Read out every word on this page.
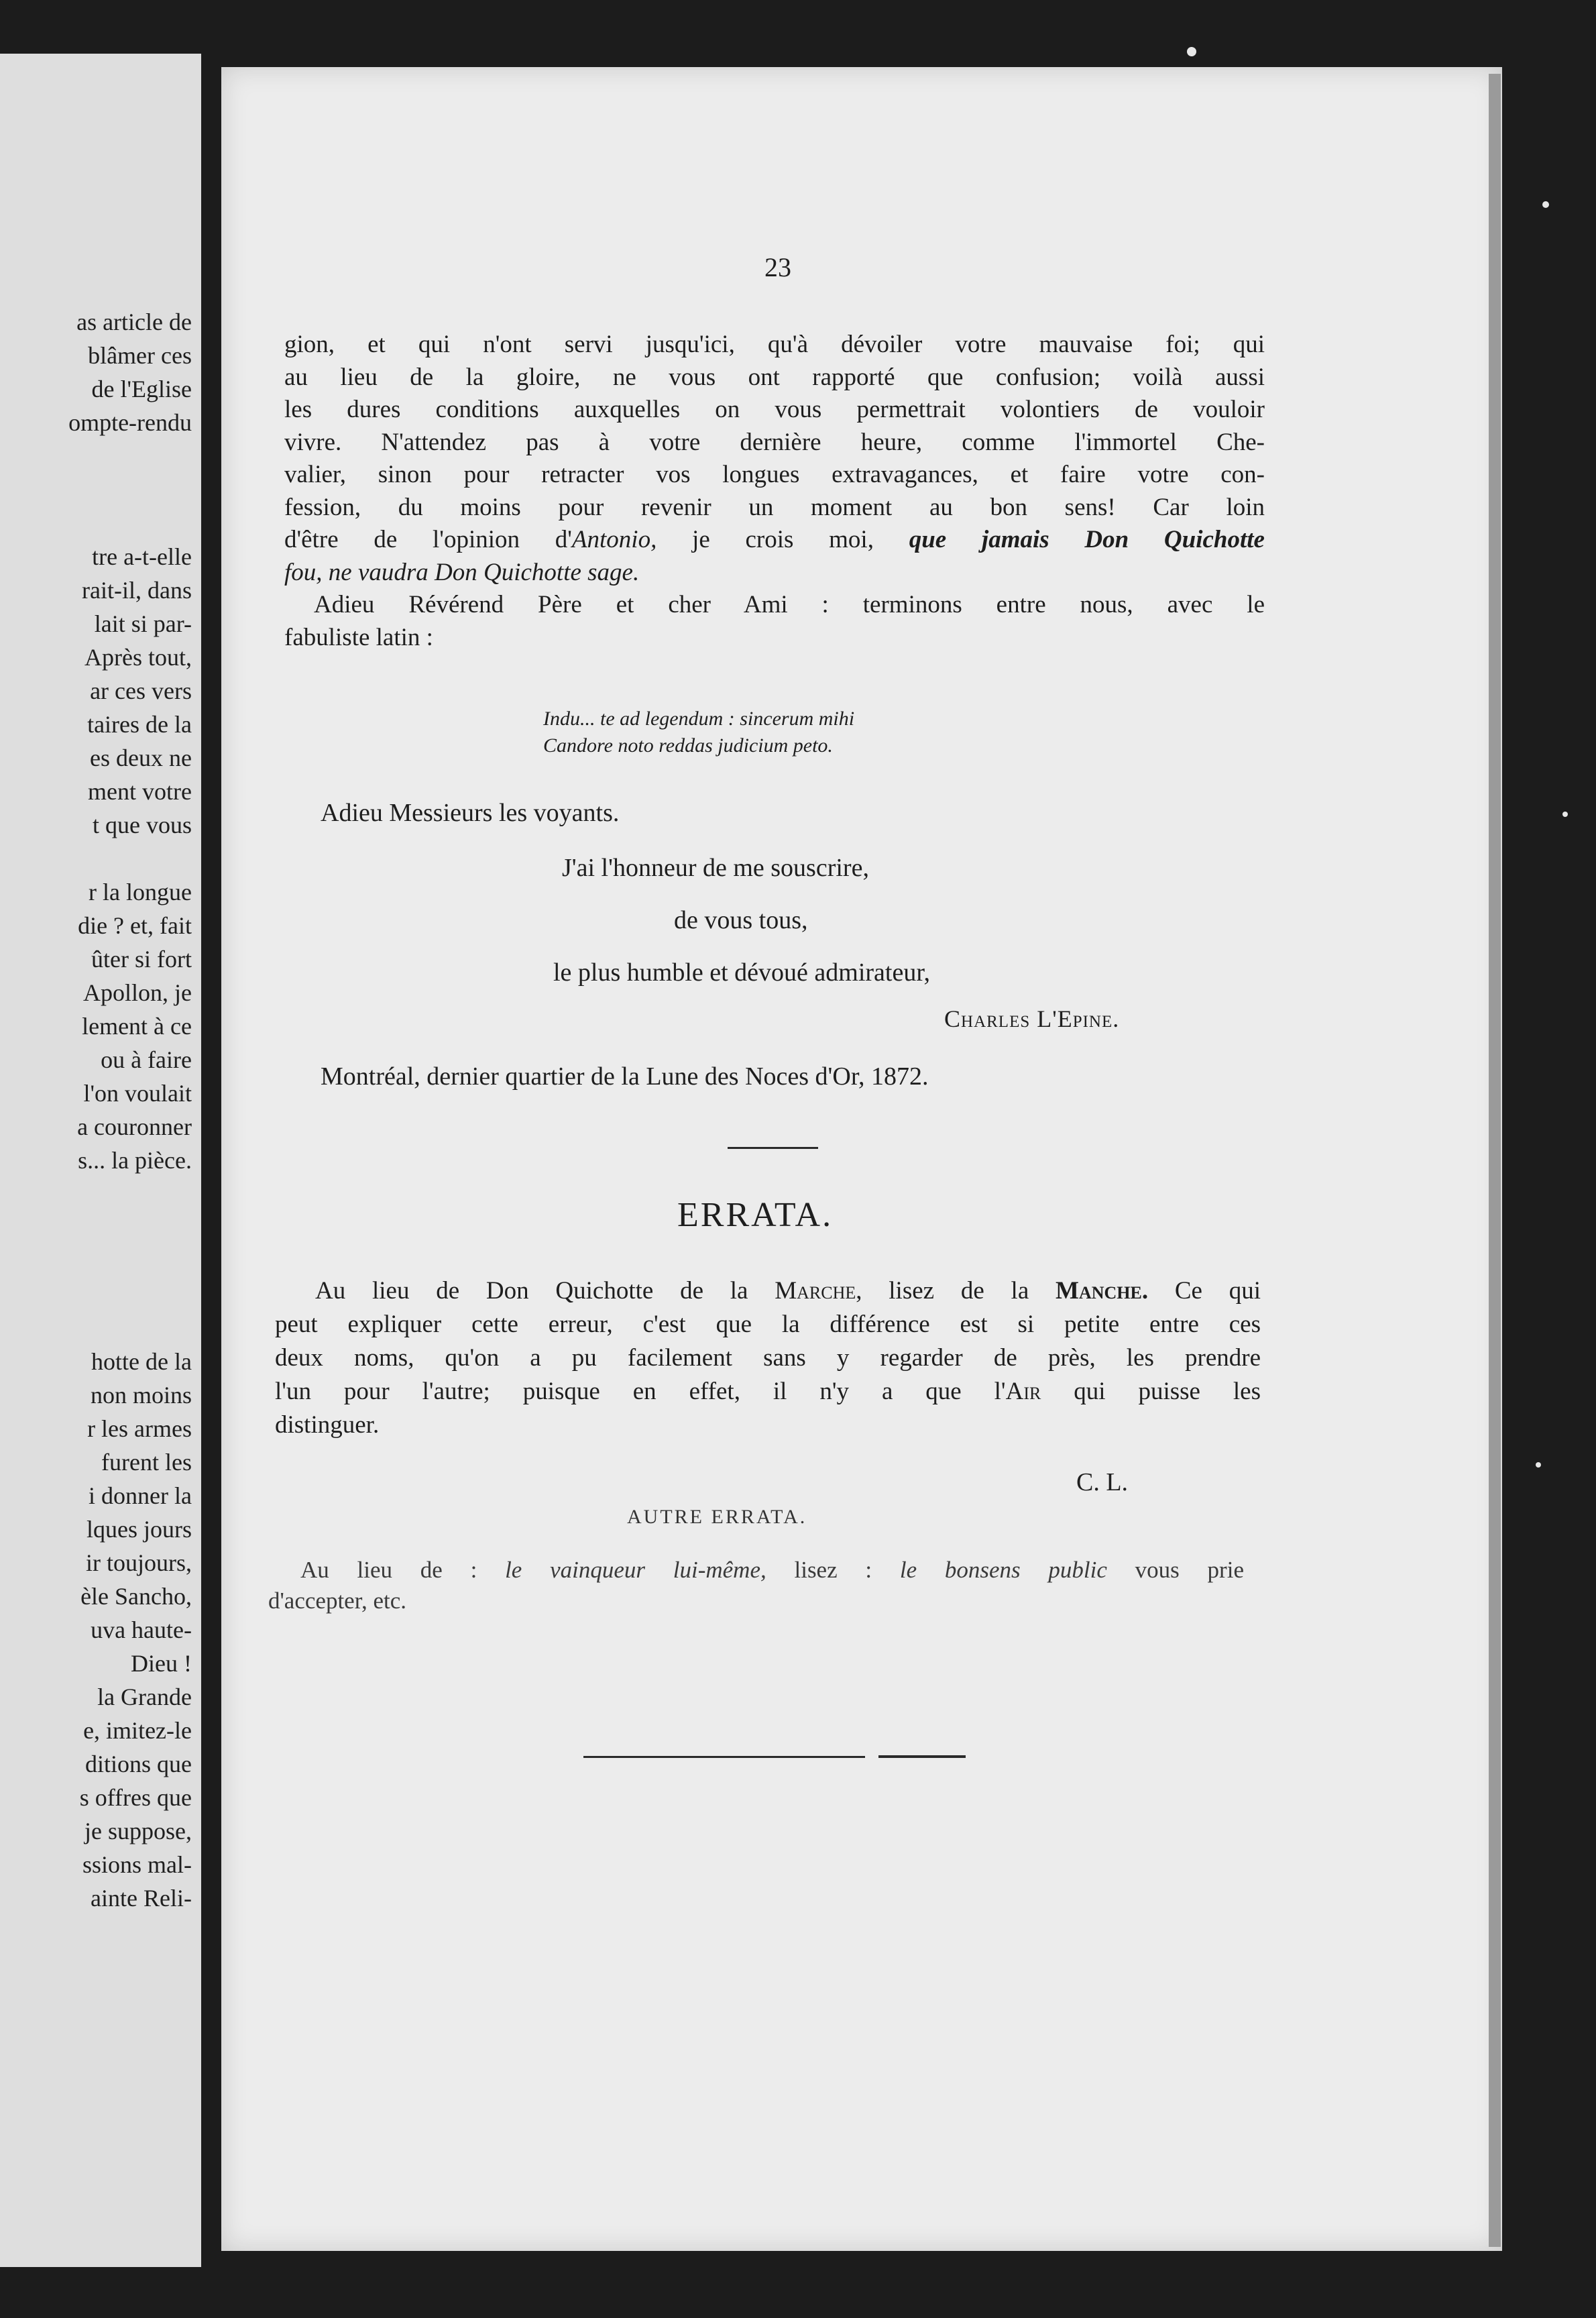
as article de
blâmer ces
de l'Eglise
ompte-rendu
tre a-t-elle
rait-il, dans
lait si par-
Après tout,
ar ces vers
taires de la
es deux ne
ment votre
t que vous
r la longue
die ? et, fait
ûter si fort
Apollon, je
lement à ce
ou à faire
l'on voulait
a couronner
s... la pièce.
hotte de la
non moins
r les armes
furent les
i donner la
lques jours
ir toujours,
èle Sancho,
uva haute-
Dieu !
la Grande
e, imitez-le
ditions que
s offres que
je suppose,
ssions mal-
ainte Reli-
23
gion, et qui n'ont servi jusqu'ici, qu'à dévoiler votre mauvaise foi; qui
au lieu de la gloire, ne vous ont rapporté que confusion; voilà aussi
les dures conditions auxquelles on vous permettrait volontiers de vouloir
vivre. N'attendez pas à votre dernière heure, comme l'immortel Che-
valier, sinon pour retracter vos longues extravagances, et faire votre con-
fession, du moins pour revenir un moment au bon sens! Car loin
d'être de l'opinion d'Antonio, je crois moi, que jamais Don Quichotte
fou, ne vaudra Don Quichotte sage.
Adieu Révérend Père et cher Ami : terminons entre nous, avec le
fabuliste latin :
Indu... te ad legendum : sincerum mihi
Candore noto reddas judicium peto.
Adieu Messieurs les voyants.
J'ai l'honneur de me souscrire,
de vous tous,
le plus humble et dévoué admirateur,
Charles L'Epine.
Montréal, dernier quartier de la Lune des Noces d'Or, 1872.
ERRATA.
Au lieu de Don Quichotte de la Marche, lisez de la Manche. Ce qui
peut expliquer cette erreur, c'est que la différence est si petite entre ces
deux noms, qu'on a pu facilement sans y regarder de près, les prendre
l'un pour l'autre; puisque en effet, il n'y a que l'Air qui puisse les
distinguer.
C. L.
AUTRE ERRATA.
Au lieu de : le vainqueur lui-même, lisez : le bonsens public vous prie
d'accepter, etc.
